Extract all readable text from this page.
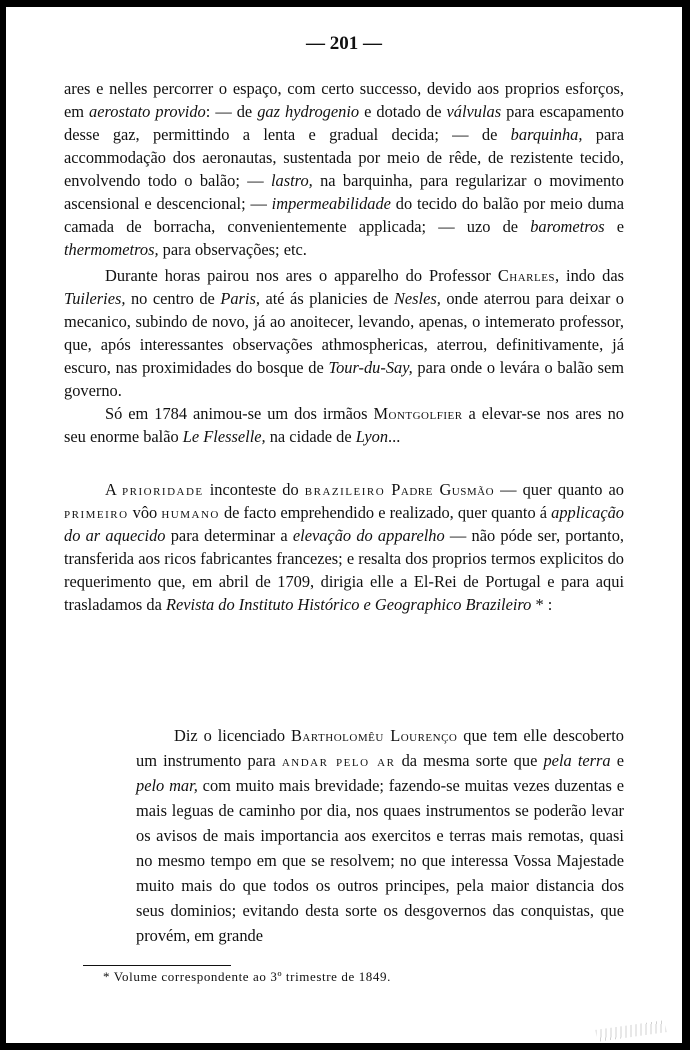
— 201 —

ares e nelles percorrer o espaço, com certo successo, devido aos proprios esforços, em aerostato provido: — de gaz hydrogenio e dotado de válvulas para escapamento desse gaz, permittindo a lenta e gradual decida; — de barquinha, para accommodação dos aeronautas, sustentada por meio de rêde, de rezistente tecido, envolvendo todo o balão; — lastro, na barquinha, para regularizar o movimento ascensional e descencional; — impermeabilidade do tecido do balão por meio duma camada de borracha, convenientemente applicada; — uzo de barometros e thermometros, para observações; etc.

Durante horas pairou nos ares o apparelho do Professor Charles, indo das Tuileries, no centro de Paris, até ás planicies de Nesles, onde aterrou para deixar o mecanico, subindo de novo, já ao anoitecer, levando, apenas, o intemerato professor, que, após interessantes observações athmosphericas, aterrou, definitivamente, já escuro, nas proximidades do bosque de Tour-du-Say, para onde o levára o balão sem governo.

Só em 1784 animou-se um dos irmãos Montgolfier a elevar-se nos ares no seu enorme balão Le Flesselle, na cidade de Lyon...

A prioridade inconteste do brazileiro Padre Gusmão — quer quanto ao primeiro vôo humano de facto emprehendido e realizado, quer quanto á applicação do ar aquecido para determinar a elevação do apparelho — não póde ser, portanto, transferida aos ricos fabricantes francezes; e resalta dos proprios termos explicitos do requerimento que, em abril de 1709, dirigia elle a El-Rei de Portugal e para aqui trasladamos da Revista do Instituto Histórico e Geographico Brazileiro * :

Diz o licenciado Bartholomêu Lourenço que tem elle descoberto um instrumento para andar pelo ar da mesma sorte que pela terra e pelo mar, com muito mais brevidade; fazendo-se muitas vezes duzentas e mais leguas de caminho por dia, nos quaes instrumentos se poderão levar os avisos de mais importancia aos exercitos e terras mais remotas, quasi no mesmo tempo em que se resolvem; no que interessa Vossa Majestade muito mais do que todos os outros principes, pela maior distancia dos seus dominios; evitando desta sorte os desgovernos das conquistas, que provém, em grande

* Volume correspondente ao 3º trimestre de 1849.
